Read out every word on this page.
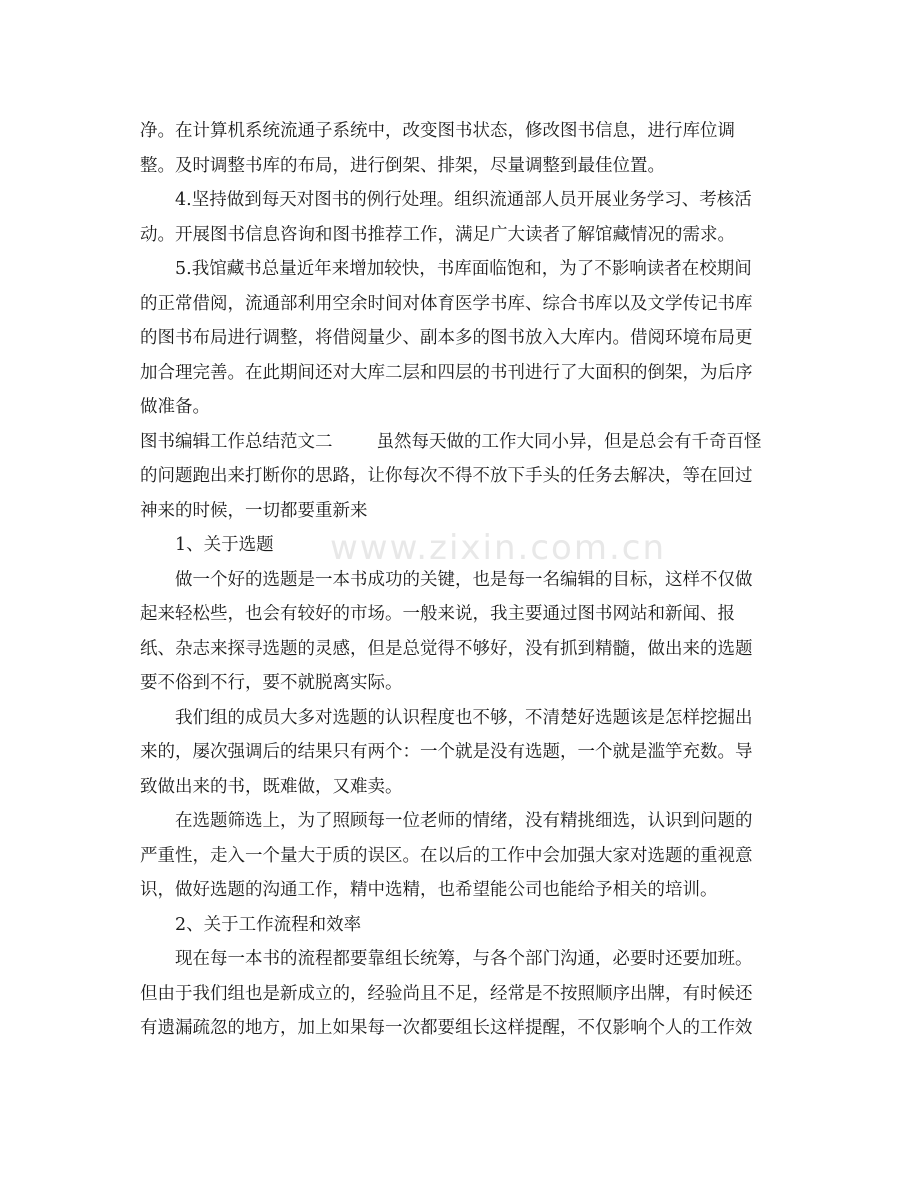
www.zixin.com.cn
净。在计算机系统流通子系统中，改变图书状态，修改图书信息，进行库位调
整。及时调整书库的布局，进行倒架、排架，尽量调整到最佳位置。
4.坚持做到每天对图书的例行处理。组织流通部人员开展业务学习、考核活
动。开展图书信息咨询和图书推荐工作，满足广大读者了解馆藏情况的需求。
5.我馆藏书总量近年来增加较快，书库面临饱和，为了不影响读者在校期间
的正常借阅，流通部利用空余时间对体育医学书库、综合书库以及文学传记书库
的图书布局进行调整，将借阅量少、副本多的图书放入大库内。借阅环境布局更
加合理完善。在此期间还对大库二层和四层的书刊进行了大面积的倒架，为后序
做准备。
图书编辑工作总结范文二	虽然每天做的工作大同小异，但是总会有千奇百怪
的问题跑出来打断你的思路，让你每次不得不放下手头的任务去解决，等在回过
神来的时候，一切都要重新来
1、关于选题
做一个好的选题是一本书成功的关键，也是每一名编辑的目标，这样不仅做
起来轻松些，也会有较好的市场。一般来说，我主要通过图书网站和新闻、报
纸、杂志来探寻选题的灵感，但是总觉得不够好，没有抓到精髓，做出来的选题
要不俗到不行，要不就脱离实际。
我们组的成员大多对选题的认识程度也不够，不清楚好选题该是怎样挖掘出
来的，屡次强调后的结果只有两个：一个就是没有选题，一个就是滥竽充数。导
致做出来的书，既难做，又难卖。
在选题筛选上，为了照顾每一位老师的情绪，没有精挑细选，认识到问题的
严重性，走入一个量大于质的误区。在以后的工作中会加强大家对选题的重视意
识，做好选题的沟通工作，精中选精，也希望能公司也能给予相关的培训。
2、关于工作流程和效率
现在每一本书的流程都要靠组长统筹，与各个部门沟通，必要时还要加班。
但由于我们组也是新成立的，经验尚且不足，经常是不按照顺序出牌，有时候还
有遗漏疏忽的地方，加上如果每一次都要组长这样提醒，不仅影响个人的工作效
